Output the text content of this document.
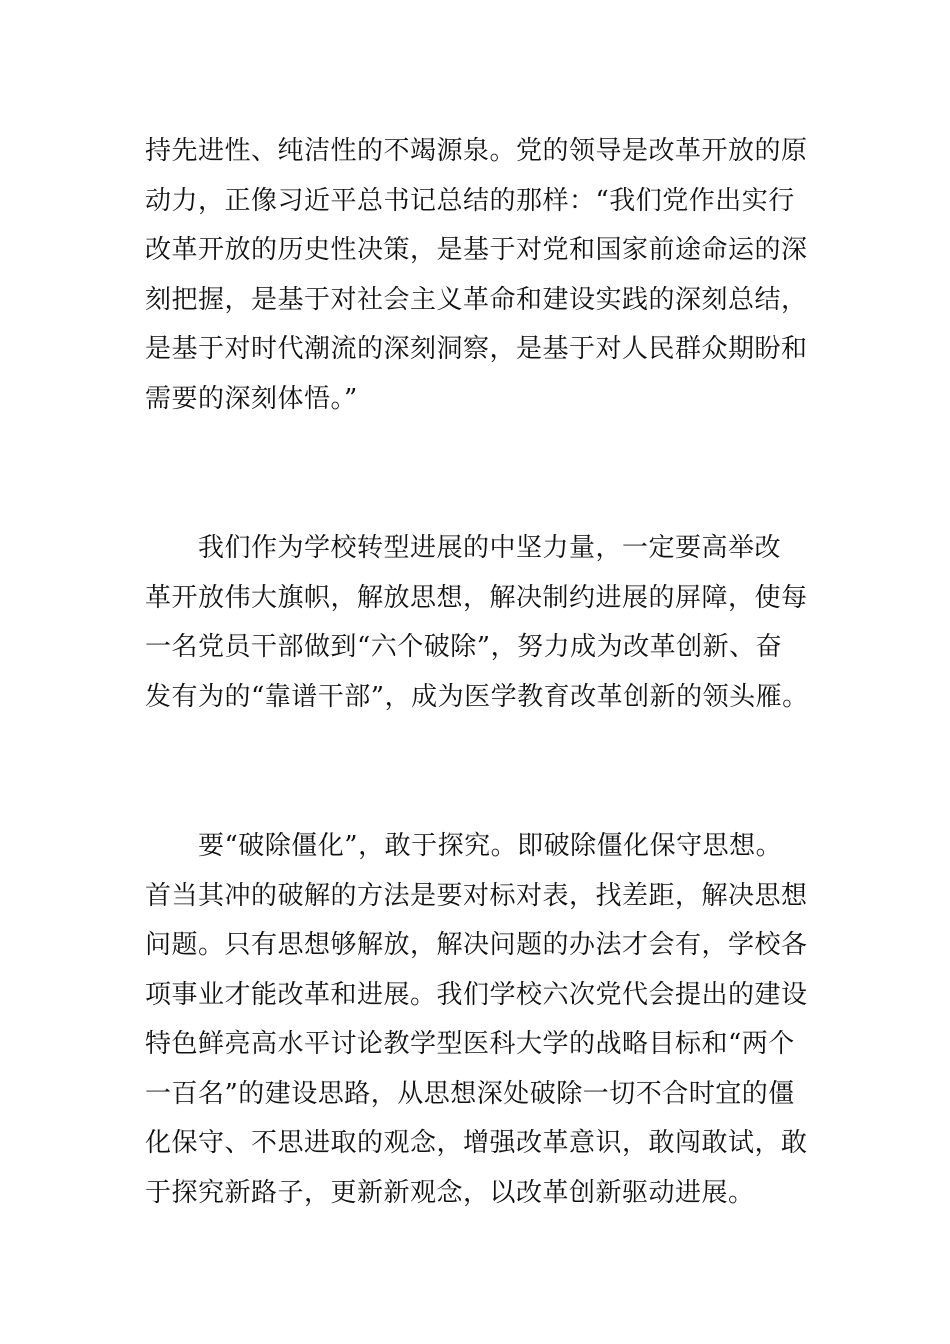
持先进性、纯洁性的不竭源泉。党的领导是改革开放的原
动力，正像习近平总书记总结的那样：“我们党作出实行
改革开放的历史性决策，是基于对党和国家前途命运的深
刻把握，是基于对社会主义革命和建设实践的深刻总结，
是基于对时代潮流的深刻洞察，是基于对人民群众期盼和
需要的深刻体悟。”
　　我们作为学校转型进展的中坚力量，一定要高举改
革开放伟大旗帜，解放思想，解决制约进展的屏障，使每
一名党员干部做到“六个破除”，努力成为改革创新、奋
发有为的“靠谱干部”，成为医学教育改革创新的领头雁。
　　要“破除僵化”，敢于探究。即破除僵化保守思想。
首当其冲的破解的方法是要对标对表，找差距，解决思想
问题。只有思想够解放，解决问题的办法才会有，学校各
项事业才能改革和进展。我们学校六次党代会提出的建设
特色鲜亮高水平讨论教学型医科大学的战略目标和“两个
一百名”的建设思路，从思想深处破除一切不合时宜的僵
化保守、不思进取的观念，增强改革意识，敢闯敢试，敢
于探究新路子，更新新观念，以改革创新驱动进展。
